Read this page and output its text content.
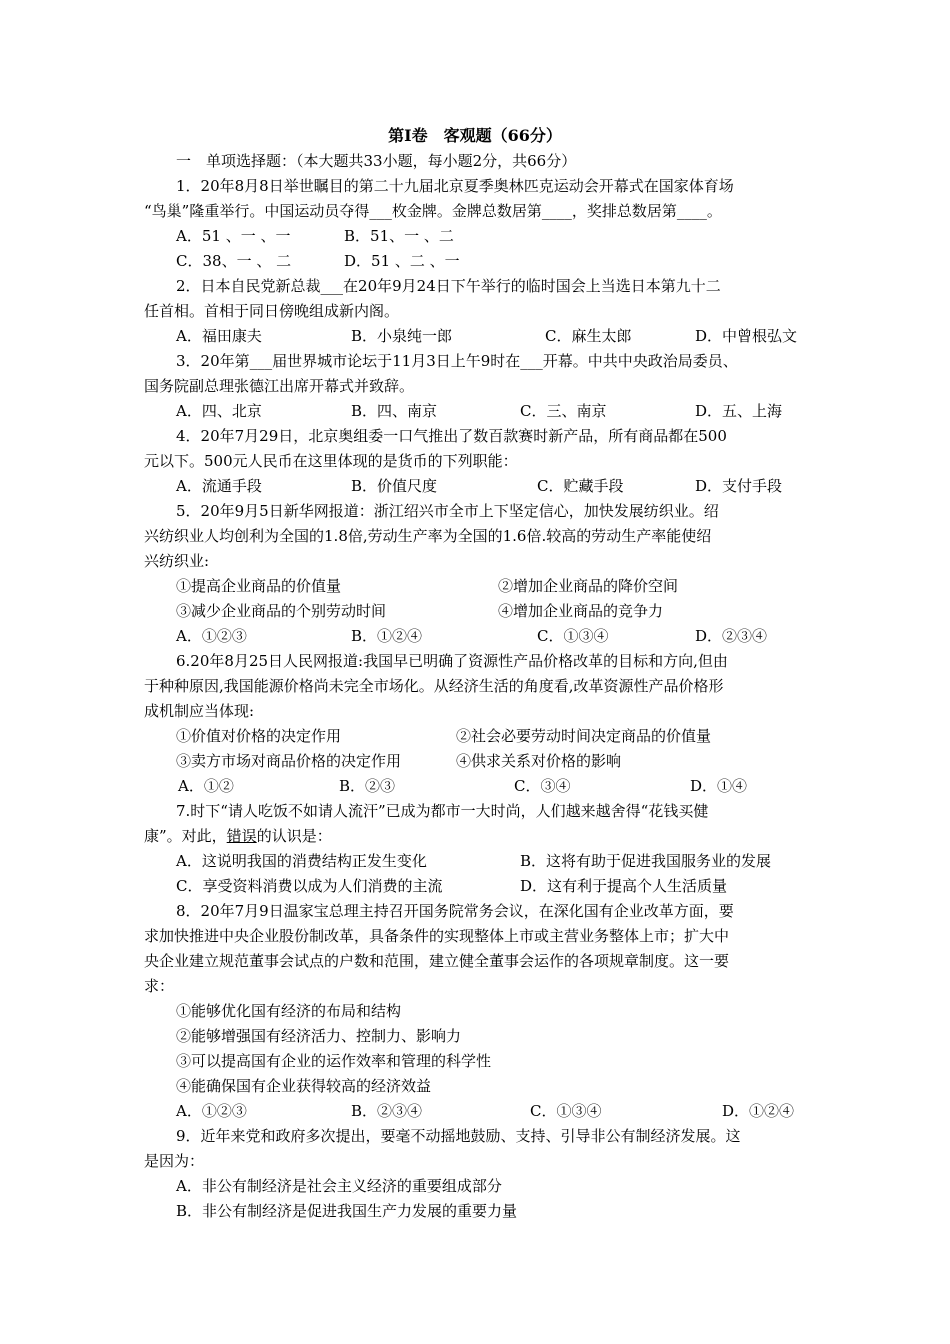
第Ⅰ卷　客观题（66分）
一　单项选择题：（本大题共33小题，每小题2分，共66分）
1．20年8月8日举世瞩目的第二十九届北京夏季奥林匹克运动会开幕式在国家体育场
“鸟巢”隆重举行。中国运动员夺得___枚金牌。金牌总数居第____，奖排总数居第____。
A．51 、一 、一	B．51、一 、二
C．38、一 、 二	D．51 、二 、一
2．日本自民党新总裁___在20年9月24日下午举行的临时国会上当选日本第九十二
任首相。首相于同日傍晚组成新内阁。
A．福田康夫	B．小泉纯一郎	C．麻生太郎	D．中曾根弘文
3．20年第___届世界城市论坛于11月3日上午9时在___开幕。中共中央政治局委员、
国务院副总理张德江出席开幕式并致辞。
A．四、北京	B．四、南京	C．三、南京	D．五、上海
4．20年7月29日，北京奥组委一口气推出了数百款赛时新产品，所有商品都在500
元以下。500元人民币在这里体现的是货币的下列职能：
A．流通手段	B．价值尺度	C．贮藏手段	D．支付手段
5．20年9月5日新华网报道：浙江绍兴市全市上下坚定信心，加快发展纺织业。绍
兴纺织业人均创利为全国的1.8倍,劳动生产率为全国的1.6倍.较高的劳动生产率能使绍
兴纺织业:
①提高企业商品的价值量	②增加企业商品的降价空间
③减少企业商品的个别劳动时间	④增加企业商品的竞争力
A．①②③	B．①②④	C．①③④	D．②③④
6.20年8月25日人民网报道:我国早已明确了资源性产品价格改革的目标和方向,但由
于种种原因,我国能源价格尚未完全市场化。从经济生活的角度看,改革资源性产品价格形
成机制应当体现:
①价值对价格的决定作用	②社会必要劳动时间决定商品的价值量
③卖方市场对商品价格的决定作用	④供求关系对价格的影响
A．①②	B．②③	C．③④	D．①④
7.时下“请人吃饭不如请人流汗”已成为都市一大时尚，人们越来越舍得“花钱买健
康”。对此，错误的认识是：
A．这说明我国的消费结构正发生变化	B．这将有助于促进我国服务业的发展
C．享受资料消费以成为人们消费的主流	D．这有利于提高个人生活质量
8．20年7月9日温家宝总理主持召开国务院常务会议，在深化国有企业改革方面，要
求加快推进中央企业股份制改革，具备条件的实现整体上市或主营业务整体上市；扩大中
央企业建立规范董事会试点的户数和范围，建立健全董事会运作的各项规章制度。这一要
求：
①能够优化国有经济的布局和结构
②能够增强国有经济活力、控制力、影响力
③可以提高国有企业的运作效率和管理的科学性
④能确保国有企业获得较高的经济效益
A．①②③	B．②③④	C．①③④	D．①②④
9．近年来党和政府多次提出，要毫不动摇地鼓励、支持、引导非公有制经济发展。这
是因为：
A．非公有制经济是社会主义经济的重要组成部分
B．非公有制经济是促进我国生产力发展的重要力量
